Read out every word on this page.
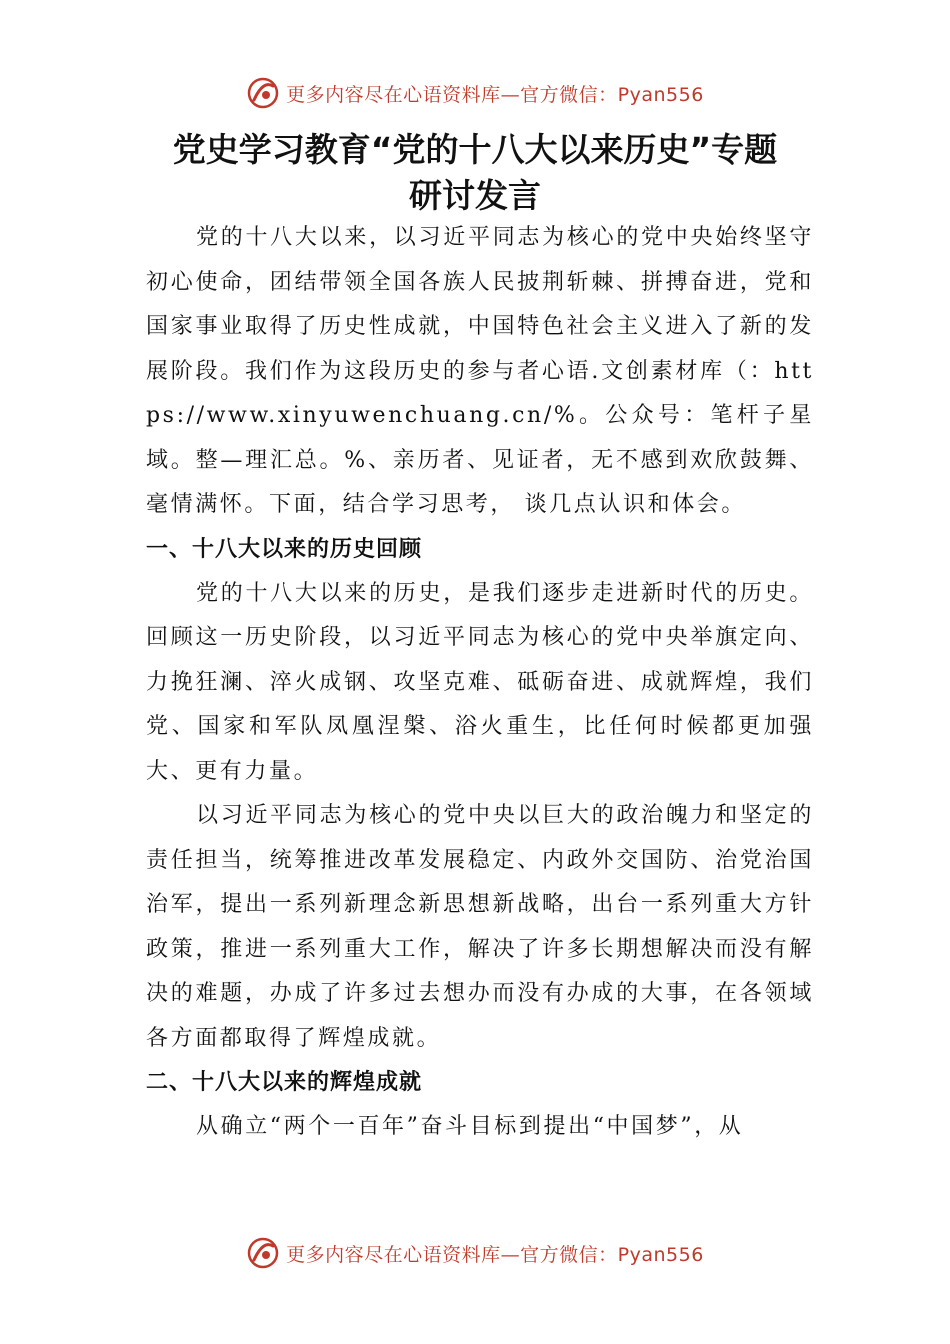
更多内容尽在心语资料库—官方微信：Pyan556
党史学习教育“党的十八大以来历史”专题
研讨发言

党的十八大以来，以习近平同志为核心的党中央始终坚守初心使命，团结带领全国各族人民披荆斩棘、拼搏奋进，党和国家事业取得了历史性成就，中国特色社会主义进入了新的发展阶段。我们作为这段历史的参与者心语.文创素材库（：https://www.xinyuwenchuang.cn/%。公众号：笔杆子星域。整—理汇总。%、亲历者、见证者，无不感到欢欣鼓舞、毫情满怀。下面，结合学习思考， 谈几点认识和体会。

一、十八大以来的历史回顾

党的十八大以来的历史，是我们逐步走进新时代的历史。回顾这一历史阶段，以习近平同志为核心的党中央举旗定向、力挽狂澜、淬火成钢、攻坚克难、砥砺奋进、成就辉煌，我们党、国家和军队凤凰涅槃、浴火重生，比任何时候都更加强大、更有力量。

以习近平同志为核心的党中央以巨大的政治魄力和坚定的责任担当，统筹推进改革发展稳定、内政外交国防、治党治国治军，提出一系列新理念新思想新战略，出台一系列重大方针政策，推进一系列重大工作，解决了许多长期想解决而没有解决的难题，办成了许多过去想办而没有办成的大事，在各领域各方面都取得了辉煌成就。

二、十八大以来的辉煌成就

从确立“两个一百年”奋斗目标到提出“中国梦”，从

更多内容尽在心语资料库—官方微信：Pyan556
